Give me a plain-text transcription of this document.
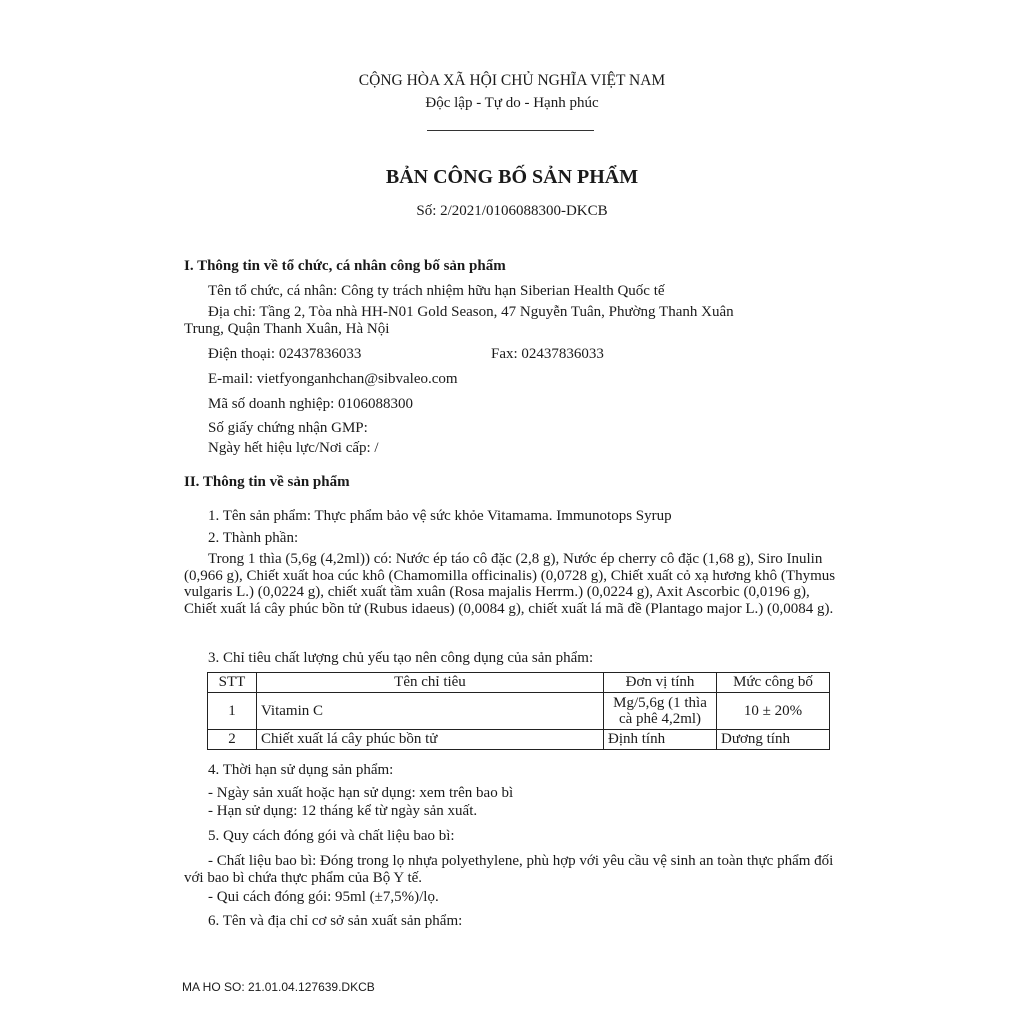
CỘNG HÒA XÃ HỘI CHỦ NGHĨA VIỆT NAM
Độc lập - Tự do - Hạnh phúc
BẢN CÔNG BỐ SẢN PHẨM
Số: 2/2021/0106088300-DKCB
I. Thông tin về tổ chức, cá nhân công bố sản phẩm
Tên tổ chức, cá nhân: Công ty trách nhiệm hữu hạn Siberian Health Quốc tế
Địa chỉ: Tầng 2, Tòa nhà HH-N01 Gold Season, 47 Nguyễn Tuân, Phường Thanh Xuân
Trung, Quận Thanh Xuân, Hà Nội
Điện thoại: 02437836033	Fax: 02437836033
E-mail: vietfyonganhchan@sibvaleo.com
Mã số doanh nghiệp: 0106088300
Số giấy chứng nhận GMP:
Ngày hết hiệu lực/Nơi cấp: /
II. Thông tin về sản phẩm
1. Tên sản phẩm: Thực phẩm bảo vệ sức khỏe Vitamama. Immunotops Syrup
2. Thành phần:
Trong 1 thìa (5,6g (4,2ml)) có: Nước ép táo cô đặc (2,8 g), Nước ép cherry cô đặc (1,68 g), Siro Inulin (0,966 g), Chiết xuất hoa cúc khô (Chamomilla officinalis) (0,0728 g), Chiết xuất cỏ xạ hương khô (Thymus vulgaris L.) (0,0224 g), chiết xuất tầm xuân (Rosa majalis Herrm.) (0,0224 g), Axit Ascorbic (0,0196 g), Chiết xuất lá cây phúc bồn tử (Rubus idaeus) (0,0084 g), chiết xuất lá mã đề (Plantago major L.) (0,0084 g).
3. Chỉ tiêu chất lượng chủ yếu tạo nên công dụng của sản phẩm:
STT	Tên chỉ tiêu	Đơn vị tính	Mức công bố
1	Vitamin C	Mg/5,6g (1 thìa
cà phê 4,2ml)	10 ± 20%
2	Chiết xuất lá cây phúc bồn tử	Định tính	Dương tính
4. Thời hạn sử dụng sản phẩm:
- Ngày sản xuất hoặc hạn sử dụng: xem trên bao bì
- Hạn sử dụng: 12 tháng kể từ ngày sản xuất.
5. Quy cách đóng gói và chất liệu bao bì:
- Chất liệu bao bì: Đóng trong lọ nhựa polyethylene, phù hợp với yêu cầu vệ sinh an toàn thực phẩm đối với bao bì chứa thực phẩm của Bộ Y tế.
- Qui cách đóng gói: 95ml (±7,5%)/lọ.
6. Tên và địa chỉ cơ sở sản xuất sản phẩm:
MA HO SO: 21.01.04.127639.DKCB
